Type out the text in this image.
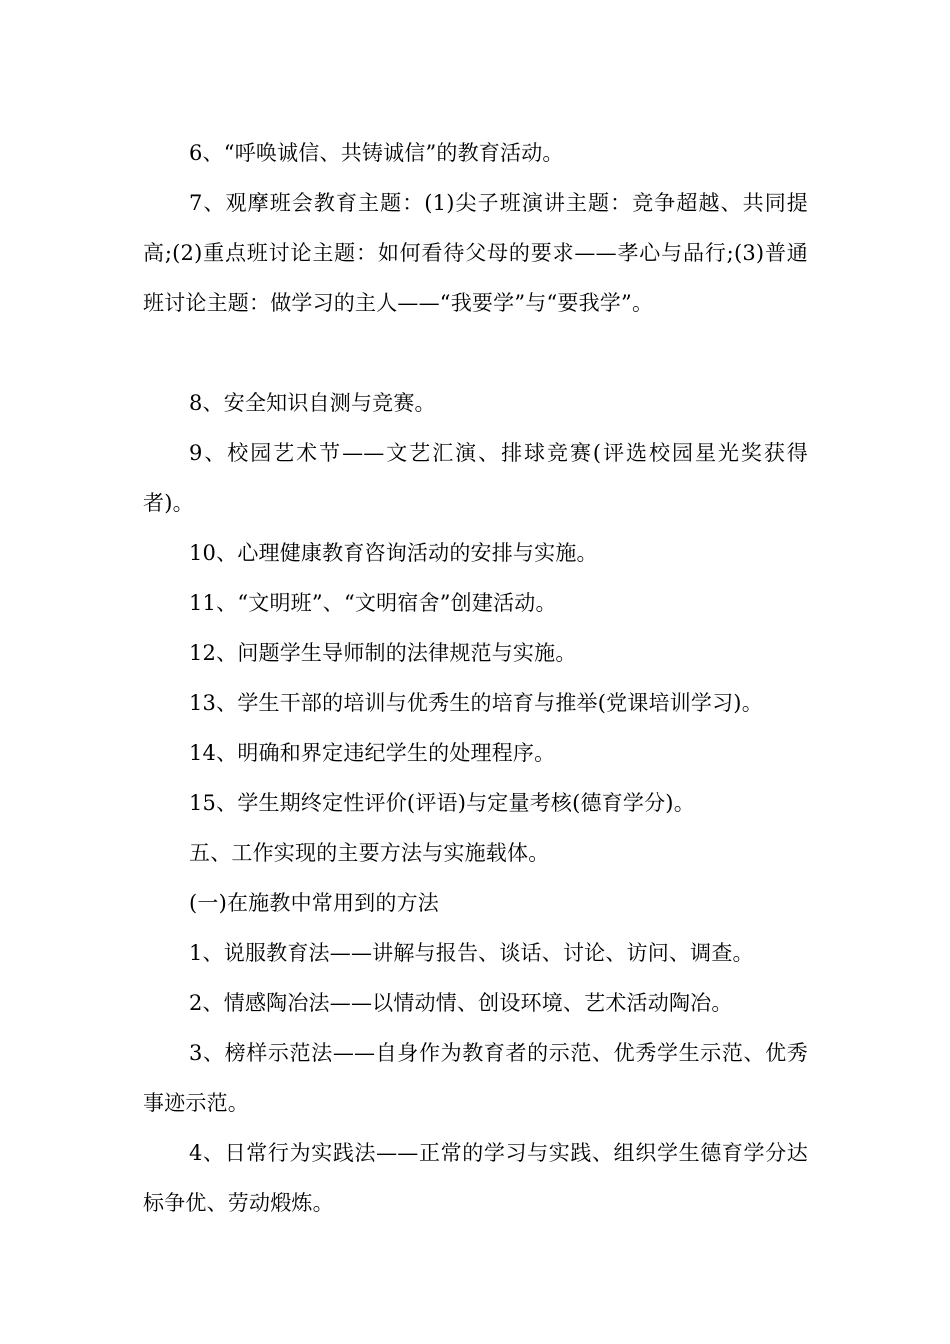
6、“呼唤诚信、共铸诚信”的教育活动。

7、观摩班会教育主题：(1)尖子班演讲主题：竞争超越、共同提高;(2)重点班讨论主题：如何看待父母的要求——孝心与品行;(3)普通班讨论主题：做学习的主人——“我要学”与“要我学”。

8、安全知识自测与竞赛。

9、校园艺术节——文艺汇演、排球竞赛(评选校园星光奖获得者)。

10、心理健康教育咨询活动的安排与实施。

11、“文明班”、“文明宿舍”创建活动。

12、问题学生导师制的法律规范与实施。

13、学生干部的培训与优秀生的培育与推举(党课培训学习)。

14、明确和界定违纪学生的处理程序。

15、学生期终定性评价(评语)与定量考核(德育学分)。

五、工作实现的主要方法与实施载体。

(一)在施教中常用到的方法

1、说服教育法——讲解与报告、谈话、讨论、访问、调查。

2、情感陶冶法——以情动情、创设环境、艺术活动陶冶。

3、榜样示范法——自身作为教育者的示范、优秀学生示范、优秀事迹示范。

4、日常行为实践法——正常的学习与实践、组织学生德育学分达标争优、劳动煅炼。
